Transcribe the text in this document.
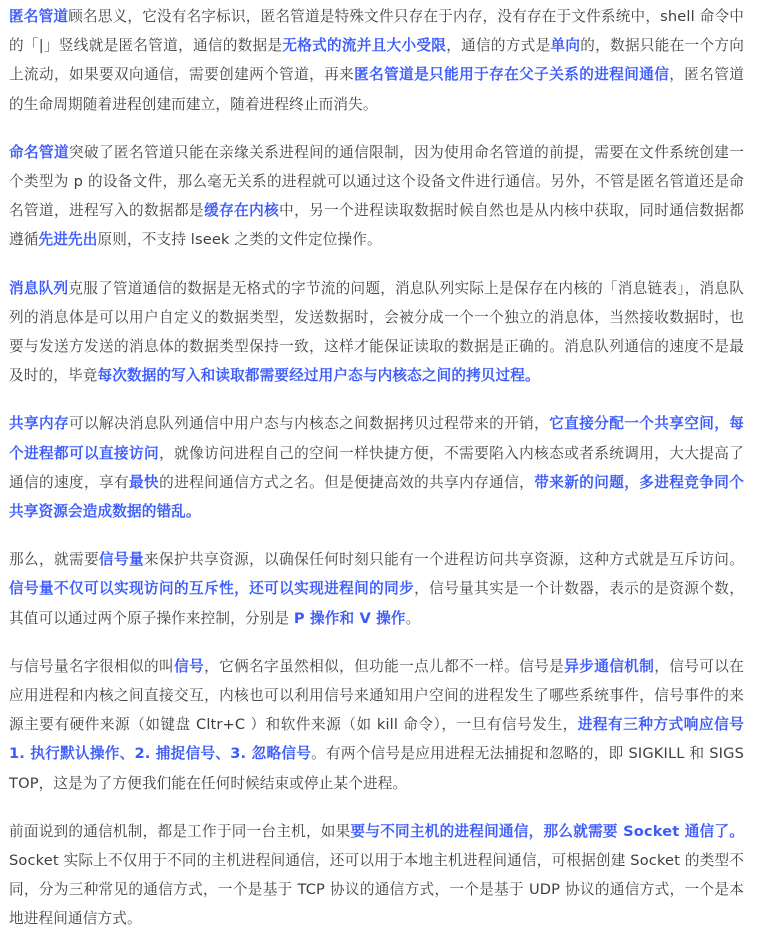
匿名管道顾名思义，它没有名字标识，匿名管道是特殊文件只存在于内存，没有存在于文件系统中，shell 命令中的「|」竖线就是匿名管道，通信的数据是无格式的流并且大小受限，通信的方式是单向的，数据只能在一个方向上流动，如果要双向通信，需要创建两个管道，再来匿名管道是只能用于存在父子关系的进程间通信，匿名管道的生命周期随着进程创建而建立，随着进程终止而消失。

命名管道突破了匿名管道只能在亲缘关系进程间的通信限制，因为使用命名管道的前提，需要在文件系统创建一个类型为 p 的设备文件，那么毫无关系的进程就可以通过这个设备文件进行通信。另外，不管是匿名管道还是命名管道，进程写入的数据都是缓存在内核中，另一个进程读取数据时候自然也是从内核中获取，同时通信数据都遵循先进先出原则，不支持 lseek 之类的文件定位操作。

消息队列克服了管道通信的数据是无格式的字节流的问题，消息队列实际上是保存在内核的「消息链表」，消息队列的消息体是可以用户自定义的数据类型，发送数据时，会被分成一个一个独立的消息体，当然接收数据时，也要与发送方发送的消息体的数据类型保持一致，这样才能保证读取的数据是正确的。消息队列通信的速度不是最及时的，毕竟每次数据的写入和读取都需要经过用户态与内核态之间的拷贝过程。

共享内存可以解决消息队列通信中用户态与内核态之间数据拷贝过程带来的开销，它直接分配一个共享空间，每个进程都可以直接访问，就像访问进程自己的空间一样快捷方便，不需要陷入内核态或者系统调用，大大提高了通信的速度，享有最快的进程间通信方式之名。但是便捷高效的共享内存通信，带来新的问题，多进程竞争同个共享资源会造成数据的错乱。

那么，就需要信号量来保护共享资源，以确保任何时刻只能有一个进程访问共享资源，这种方式就是互斥访问。信号量不仅可以实现访问的互斥性，还可以实现进程间的同步，信号量其实是一个计数器，表示的是资源个数，其值可以通过两个原子操作来控制，分别是 P 操作和 V 操作。

与信号量名字很相似的叫信号，它俩名字虽然相似，但功能一点儿都不一样。信号是异步通信机制，信号可以在应用进程和内核之间直接交互，内核也可以利用信号来通知用户空间的进程发生了哪些系统事件，信号事件的来源主要有硬件来源（如键盘 Cltr+C ）和软件来源（如 kill 命令），一旦有信号发生，进程有三种方式响应信号 1. 执行默认操作、2. 捕捉信号、3. 忽略信号。有两个信号是应用进程无法捕捉和忽略的，即 SIGKILL 和 SIGSTOP，这是为了方便我们能在任何时候结束或停止某个进程。

前面说到的通信机制，都是工作于同一台主机，如果要与不同主机的进程间通信，那么就需要 Socket 通信了。Socket 实际上不仅用于不同的主机进程间通信，还可以用于本地主机进程间通信，可根据创建 Socket 的类型不同，分为三种常见的通信方式，一个是基于 TCP 协议的通信方式，一个是基于 UDP 协议的通信方式，一个是本地进程间通信方式。
